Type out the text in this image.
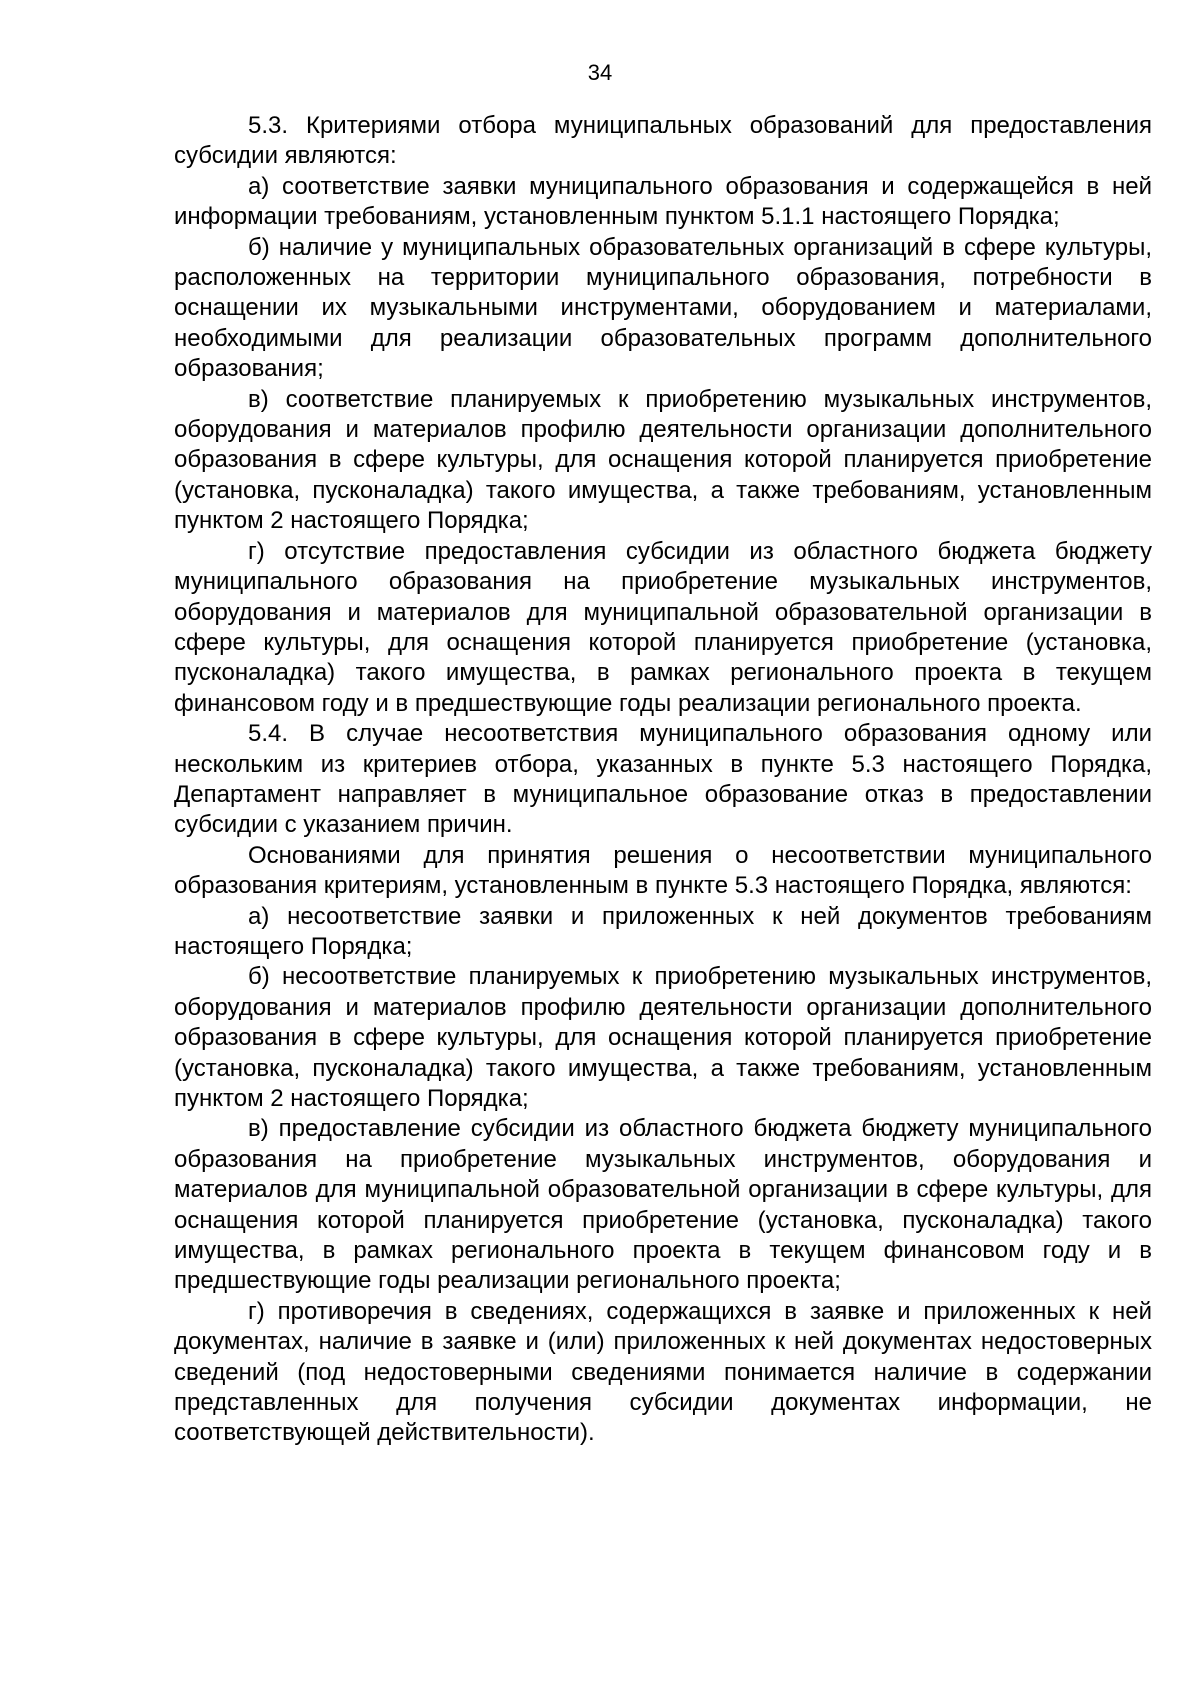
34

5.3. Критериями отбора муниципальных образований для предоставления субсидии являются:

а) соответствие заявки муниципального образования и содержащейся в ней информации требованиям, установленным пунктом 5.1.1 настоящего Порядка;

б) наличие у муниципальных образовательных организаций в сфере культуры, расположенных на территории муниципального образования, потребности в оснащении их музыкальными инструментами, оборудованием и материалами, необходимыми для реализации образовательных программ дополнительного образования;

в) соответствие планируемых к приобретению музыкальных инструментов, оборудования и материалов профилю деятельности организации дополнительного образования в сфере культуры, для оснащения которой планируется приобретение (установка, пусконаладка) такого имущества, а также требованиям, установленным пунктом 2 настоящего Порядка;

г) отсутствие предоставления субсидии из областного бюджета бюджету муниципального образования на приобретение музыкальных инструментов, оборудования и материалов для муниципальной образовательной организации в сфере культуры, для оснащения которой планируется приобретение (установка, пусконаладка) такого имущества, в рамках регионального проекта в текущем финансовом году и в предшествующие годы реализации регионального проекта.

5.4. В случае несоответствия муниципального образования одному или нескольким из критериев отбора, указанных в пункте 5.3 настоящего Порядка, Департамент направляет в муниципальное образование отказ в предоставлении субсидии с указанием причин.

Основаниями для принятия решения о несоответствии муниципального образования критериям, установленным в пункте 5.3 настоящего Порядка, являются:

а) несоответствие заявки и приложенных к ней документов требованиям настоящего Порядка;

б) несоответствие планируемых к приобретению музыкальных инструментов, оборудования и материалов профилю деятельности организации дополнительного образования в сфере культуры, для оснащения которой планируется приобретение (установка, пусконаладка) такого имущества, а также требованиям, установленным пунктом 2 настоящего Порядка;

в) предоставление субсидии из областного бюджета бюджету муниципального образования на приобретение музыкальных инструментов, оборудования и материалов для муниципальной образовательной организации в сфере культуры, для оснащения которой планируется приобретение (установка, пусконаладка) такого имущества, в рамках регионального проекта в текущем финансовом году и в предшествующие годы реализации регионального проекта;

г) противоречия в сведениях, содержащихся в заявке и приложенных к ней документах, наличие в заявке и (или) приложенных к ней документах недостоверных сведений (под недостоверными сведениями понимается наличие в содержании представленных для получения субсидии документах информации, не соответствующей действительности).
